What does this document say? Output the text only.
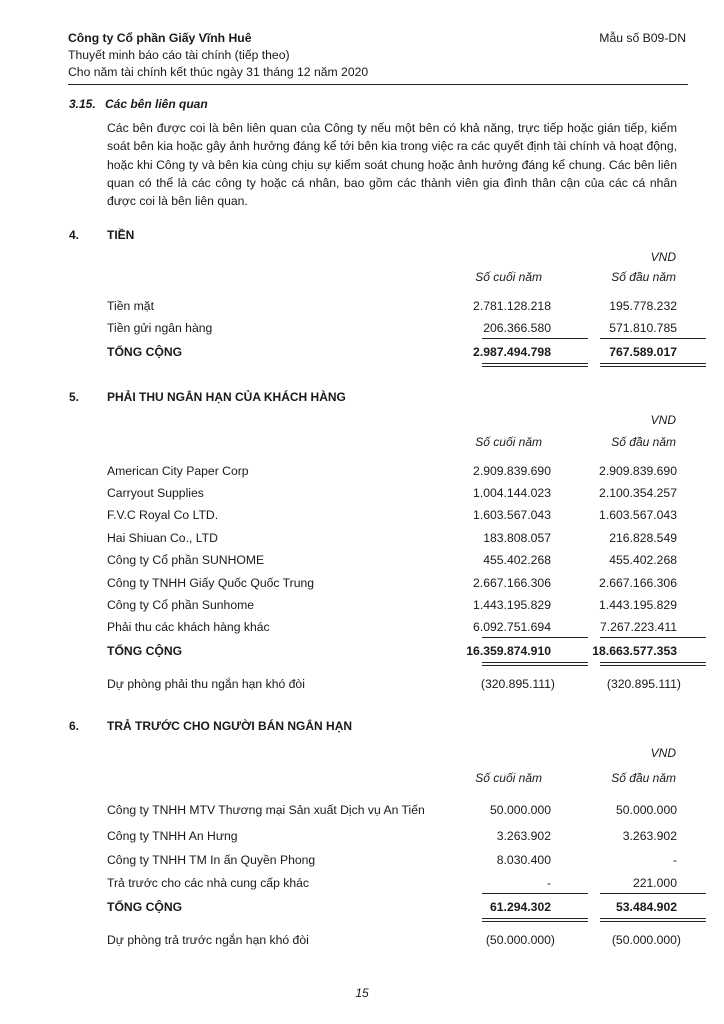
Công ty Cổ phần Giấy Vĩnh Huê
Thuyết minh báo cáo tài chính (tiếp theo)
Cho năm tài chính kết thúc ngày 31 tháng 12 năm 2020
Mẫu số B09-DN
3.15. Các bên liên quan
Các bên được coi là bên liên quan của Công ty nếu một bên có khả năng, trực tiếp hoặc gián tiếp, kiểm soát bên kia hoặc gây ảnh hưởng đáng kể tới bên kia trong việc ra các quyết định tài chính và hoạt động, hoặc khi Công ty và bên kia cùng chịu sự kiểm soát chung hoặc ảnh hưởng đáng kể chung. Các bên liên quan có thể là các công ty hoặc cá nhân, bao gồm các thành viên gia đình thân cận của các cá nhân được coi là bên liên quan.
4. TIỀN
VND
Số cuối năm	Số đầu năm
Tiền mặt	2.781.128.218	195.778.232
Tiền gửi ngân hàng	206.366.580	571.810.785
TỔNG CỘNG	2.987.494.798	767.589.017
5. PHẢI THU NGẮN HẠN CỦA KHÁCH HÀNG
VND
Số cuối năm	Số đầu năm
American City Paper Corp	2.909.839.690	2.909.839.690
Carryout Supplies	1.004.144.023	2.100.354.257
F.V.C Royal Co LTD.	1.603.567.043	1.603.567.043
Hai Shiuan Co., LTD	183.808.057	216.828.549
Công ty Cổ phần SUNHOME	455.402.268	455.402.268
Công ty TNHH Giấy Quốc Quốc Trung	2.667.166.306	2.667.166.306
Công ty Cổ phần Sunhome	1.443.195.829	1.443.195.829
Phải thu các khách hàng khác	6.092.751.694	7.267.223.411
TỔNG CỘNG	16.359.874.910	18.663.577.353
Dự phòng phải thu ngắn hạn khó đòi	(320.895.111)	(320.895.111)
6. TRẢ TRƯỚC CHO NGƯỜI BÁN NGẮN HẠN
VND
Số cuối năm	Số đầu năm
Công ty TNHH MTV Thương mại Sản xuất Dịch vụ An Tiến	50.000.000	50.000.000
Công ty TNHH An Hưng	3.263.902	3.263.902
Công ty TNHH TM In ấn Quyền Phong	8.030.400	-
Trả trước cho các nhà cung cấp khác	-	221.000
TỔNG CỘNG	61.294.302	53.484.902
Dự phòng trả trước ngắn hạn khó đòi	(50.000.000)	(50.000.000)
15
